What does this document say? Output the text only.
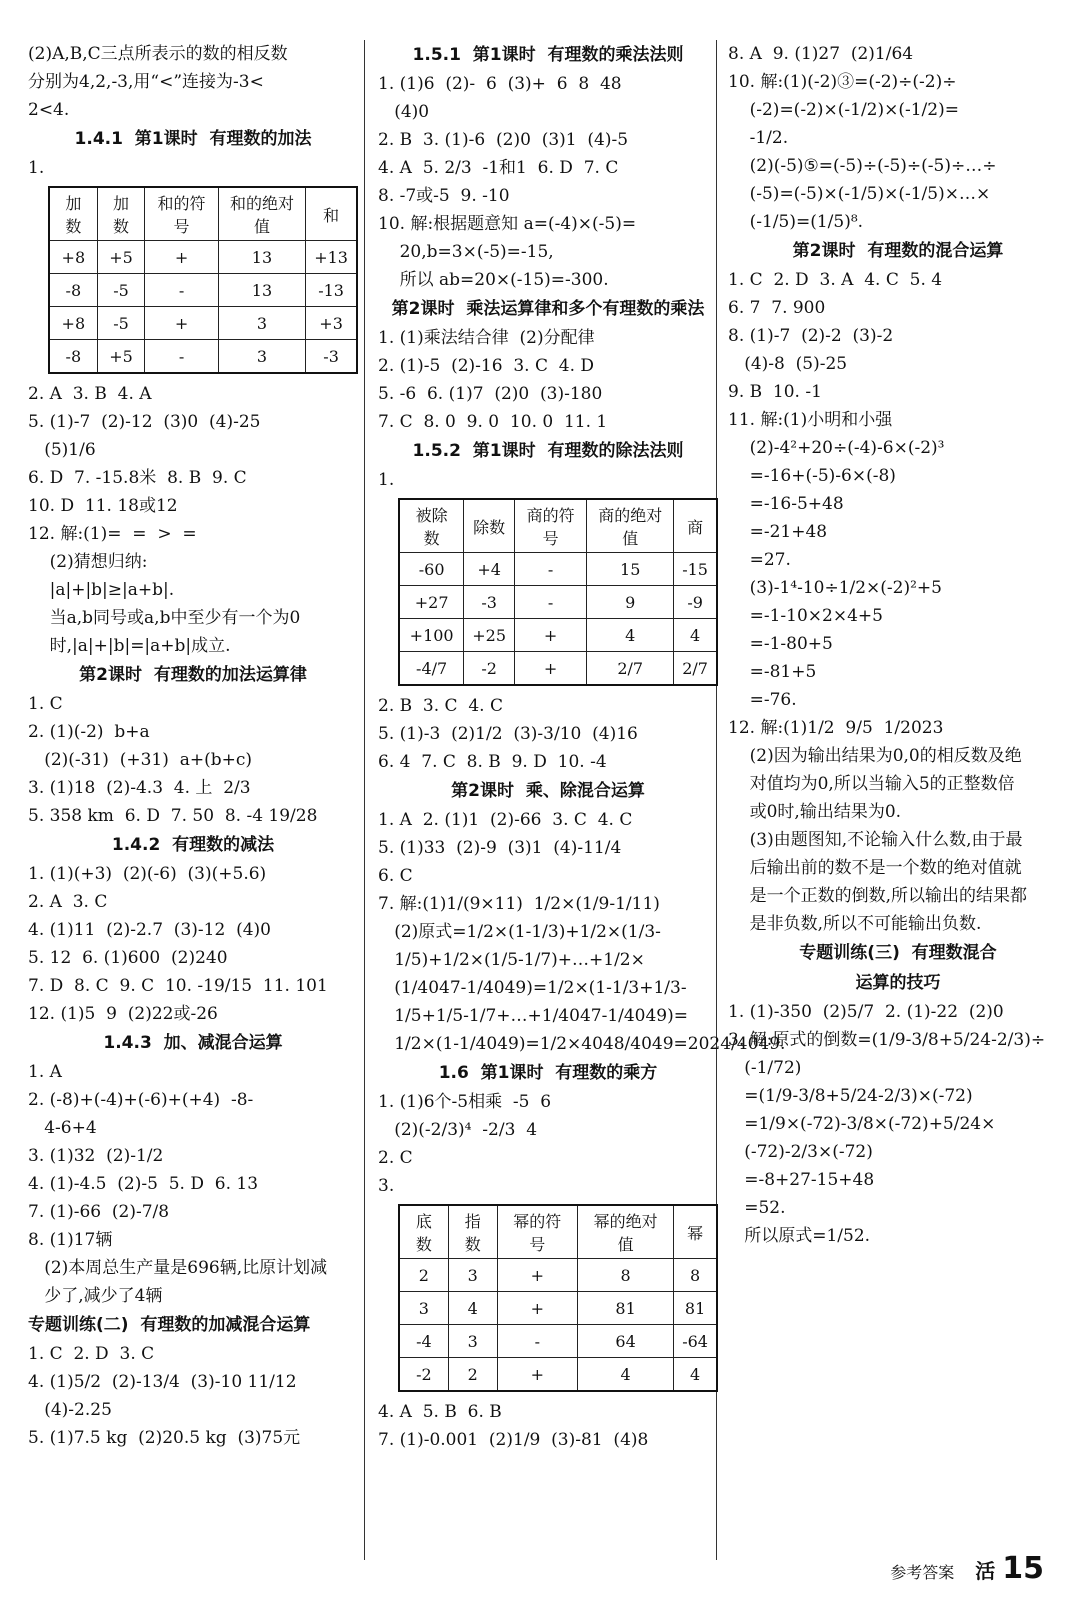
(2)A,B,C三点所表示的数的相反数
分别为4,2,-3,用“<”连接为-3<
2<4.
1.4.1  第1课时  有理数的加法
1.
加数	加数	和的符号	和的绝对值	和
+8	+5	+	13	+13
-8	-5	-	13	-13
+8	-5	+	3	+3
-8	+5	-	3	-3
2. A  3. B  4. A
5. (1)-7  (2)-12  (3)0  (4)-25
(5)1/6
6. D  7. -15.8米  8. B  9. C
10. D  11. 18或12
12. 解:(1)=  =  >  =
(2)猜想归纳:
|a|+|b|≥|a+b|.
当a,b同号或a,b中至少有一个为0
时,|a|+|b|=|a+b|成立.
第2课时  有理数的加法运算律
1. C
2. (1)(-2)  b+a
(2)(-31)  (+31)  a+(b+c)
3. (1)18  (2)-4.3  4. 上  2/3
5. 358 km  6. D  7. 50  8. -4 19/28
1.4.2  有理数的减法
1. (1)(+3)  (2)(-6)  (3)(+5.6)
2. A  3. C
4. (1)11  (2)-2.7  (3)-12  (4)0
5. 12  6. (1)600  (2)240
7. D  8. C  9. C  10. -19/15  11. 101
12. (1)5  9  (2)22或-26
1.4.3  加、减混合运算
1. A
2. (-8)+(-4)+(-6)+(+4)  -8-
4-6+4
3. (1)32  (2)-1/2
4. (1)-4.5  (2)-5  5. D  6. 13
7. (1)-66  (2)-7/8
8. (1)17辆
(2)本周总生产量是696辆,比原计划减
少了,减少了4辆
专题训练(二)  有理数的加减混合运算
1. C  2. D  3. C
4. (1)5/2  (2)-13/4  (3)-10 11/12
(4)-2.25
5. (1)7.5 kg  (2)20.5 kg  (3)75元
1.5.1  第1课时  有理数的乘法法则
1. (1)6  (2)-  6  (3)+  6  8  48
(4)0
2. B  3. (1)-6  (2)0  (3)1  (4)-5
4. A  5. 2/3  -1和1  6. D  7. C
8. -7或-5  9. -10
10. 解:根据题意知 a=(-4)×(-5)=
20,b=3×(-5)=-15,
所以 ab=20×(-15)=-300.
第2课时  乘法运算律和多个有理数的乘法
1. (1)乘法结合律  (2)分配律
2. (1)-5  (2)-16  3. C  4. D
5. -6  6. (1)7  (2)0  (3)-180
7. C  8. 0  9. 0  10. 0  11. 1
1.5.2  第1课时  有理数的除法法则
1.
被除数	除数	商的符号	商的绝对值	商
-60	+4	-	15	-15
+27	-3	-	9	-9
+100	+25	+	4	4
-4/7	-2	+	2/7	2/7
2. B  3. C  4. C
5. (1)-3  (2)1/2  (3)-3/10  (4)16
6. 4  7. C  8. B  9. D  10. -4
第2课时  乘、除混合运算
1. A  2. (1)1  (2)-66  3. C  4. C
5. (1)33  (2)-9  (3)1  (4)-11/4
6. C
7. 解:(1)1/(9×11)  1/2×(1/9-1/11)
(2)原式=1/2×(1-1/3)+1/2×(1/3-
1/5)+1/2×(1/5-1/7)+…+1/2×
(1/4047-1/4049)=1/2×(1-1/3+1/3-
1/5+1/5-1/7+…+1/4047-1/4049)=
1/2×(1-1/4049)=1/2×4048/4049=2024/4049.
1.6  第1课时  有理数的乘方
1. (1)6个-5相乘  -5  6
(2)(-2/3)⁴  -2/3  4
2. C
3.
底数	指数	幂的符号	幂的绝对值	幂
2	3	+	8	8
3	4	+	81	81
-4	3	-	64	-64
-2	2	+	4	4
4. A  5. B  6. B
7. (1)-0.001  (2)1/9  (3)-81  (4)8
8. A  9. (1)27  (2)1/64
10. 解:(1)(-2)③=(-2)÷(-2)÷
(-2)=(-2)×(-1/2)×(-1/2)=
-1/2.
(2)(-5)⑤=(-5)÷(-5)÷(-5)÷…÷
(-5)=(-5)×(-1/5)×(-1/5)×…×
(-1/5)=(1/5)⁸.
第2课时  有理数的混合运算
1. C  2. D  3. A  4. C  5. 4
6. 7  7. 900
8. (1)-7  (2)-2  (3)-2
(4)-8  (5)-25
9. B  10. -1
11. 解:(1)小明和小强
(2)-4²+20÷(-4)-6×(-2)³
=-16+(-5)-6×(-8)
=-16-5+48
=-21+48
=27.
(3)-1⁴-10÷1/2×(-2)²+5
=-1-10×2×4+5
=-1-80+5
=-81+5
=-76.
12. 解:(1)1/2  9/5  1/2023
(2)因为输出结果为0,0的相反数及绝
对值均为0,所以当输入5的正整数倍
或0时,输出结果为0.
(3)由题图知,不论输入什么数,由于最
后输出前的数不是一个数的绝对值就
是一个正数的倒数,所以输出的结果都
是非负数,所以不可能输出负数.
专题训练(三)  有理数混合
运算的技巧
1. (1)-350  (2)5/7  2. (1)-22  (2)0
3. 解:原式的倒数=(1/9-3/8+5/24-2/3)÷
(-1/72)
=(1/9-3/8+5/24-2/3)×(-72)
=1/9×(-72)-3/8×(-72)+5/24×
(-72)-2/3×(-72)
=-8+27-15+48
=52.
所以原式=1/52.
参考答案 活 15
